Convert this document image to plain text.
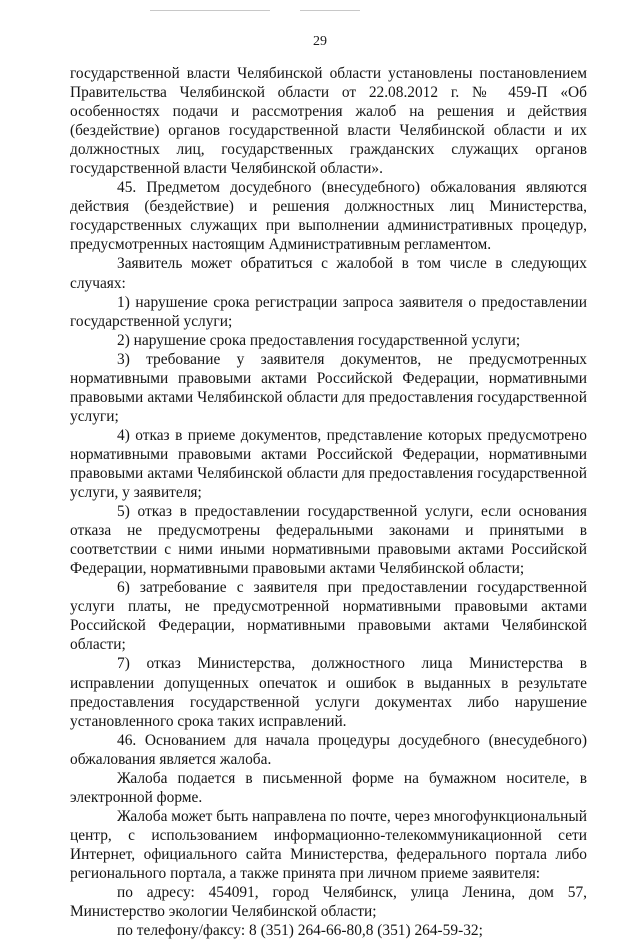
29

государственной власти Челябинской области установлены постановлением Правительства Челябинской области от 22.08.2012 г. № 459-П «Об особенностях подачи и рассмотрения жалоб на решения и действия (бездействие) органов государственной власти Челябинской области и их должностных лиц, государственных гражданских служащих органов государственной власти Челябинской области».

45. Предметом досудебного (внесудебного) обжалования являются действия (бездействие) и решения должностных лиц Министерства, государственных служащих при выполнении административных процедур, предусмотренных настоящим Административным регламентом.

Заявитель может обратиться с жалобой в том числе в следующих случаях:

1) нарушение срока регистрации запроса заявителя о предоставлении государственной услуги;

2) нарушение срока предоставления государственной услуги;

3) требование у заявителя документов, не предусмотренных нормативными правовыми актами Российской Федерации, нормативными правовыми актами Челябинской области для предоставления государственной услуги;

4) отказ в приеме документов, представление которых предусмотрено нормативными правовыми актами Российской Федерации, нормативными правовыми актами Челябинской области для предоставления государственной услуги, у заявителя;

5) отказ в предоставлении государственной услуги, если основания отказа не предусмотрены федеральными законами и принятыми в соответствии с ними иными нормативными правовыми актами Российской Федерации, нормативными правовыми актами Челябинской области;

6) затребование с заявителя при предоставлении государственной услуги платы, не предусмотренной нормативными правовыми актами Российской Федерации, нормативными правовыми актами Челябинской области;

7) отказ Министерства, должностного лица Министерства в исправлении допущенных опечаток и ошибок в выданных в результате предоставления государственной услуги документах либо нарушение установленного срока таких исправлений.

46. Основанием для начала процедуры досудебного (внесудебного) обжалования является жалоба.

Жалоба подается в письменной форме на бумажном носителе, в электронной форме.

Жалоба может быть направлена по почте, через многофункциональный центр, с использованием информационно-телекоммуникационной сети Интернет, официального сайта Министерства, федерального портала либо регионального портала, а также принята при личном приеме заявителя:

по адресу: 454091, город Челябинск, улица Ленина, дом 57, Министерство экологии Челябинской области;

по телефону/факсу: 8 (351) 264-66-80,8 (351) 264-59-32;
